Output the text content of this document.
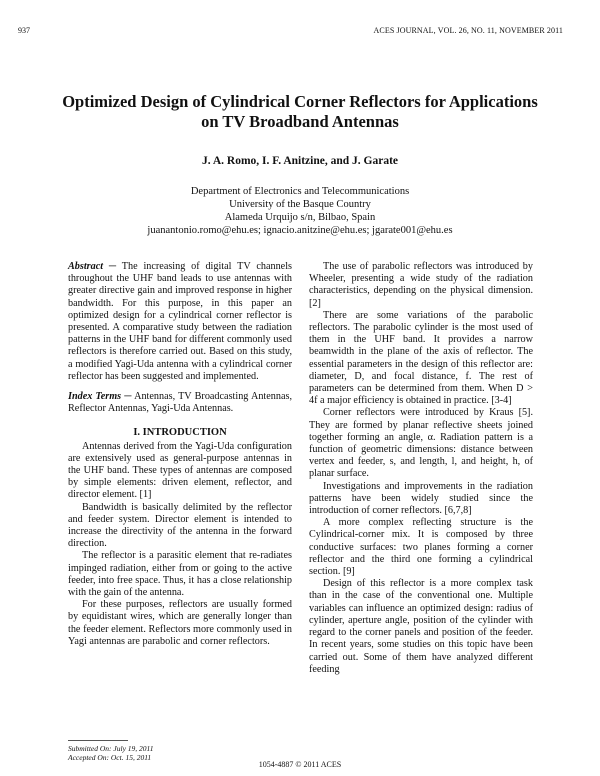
937	ACES JOURNAL, VOL. 26, NO. 11, NOVEMBER 2011
Optimized Design of Cylindrical Corner Reflectors for Applications
on TV Broadband Antennas
J. A. Romo, I. F. Anitzine, and J. Garate
Department of Electronics and Telecommunications
University of the Basque Country
Alameda Urquijo s/n, Bilbao, Spain
juanantonio.romo@ehu.es; ignacio.anitzine@ehu.es; jgarate001@ehu.es

Abstract ─ The increasing of digital TV channels throughout the UHF band leads to use antennas with greater directive gain and improved response in higher bandwidth. For this purpose, in this paper an optimized design for a cylindrical corner reflector is presented. A comparative study between the radiation patterns in the UHF band for different commonly used reflectors is therefore carried out. Based on this study, a modified Yagi-Uda antenna with a cylindrical corner reflector has been suggested and implemented.

Index Terms ─ Antennas, TV Broadcasting Antennas, Reflector Antennas, Yagi-Uda Antennas.

I. INTRODUCTION

Antennas derived from the Yagi-Uda configuration are extensively used as general-purpose antennas in the UHF band. These types of antennas are composed by simple elements: driven element, reflector, and director element. [1]

Bandwidth is basically delimited by the reflector and feeder system. Director element is intended to increase the directivity of the antenna in the forward direction.

The reflector is a parasitic element that re-radiates impinged radiation, either from or going to the active feeder, into free space. Thus, it has a close relationship with the gain of the antenna.

For these purposes, reflectors are usually formed by equidistant wires, which are generally longer than the feeder element. Reflectors more commonly used in Yagi antennas are parabolic and corner reflectors.

The use of parabolic reflectors was introduced by Wheeler, presenting a wide study of the radiation characteristics, depending on the physical dimension. [2]

There are some variations of the parabolic reflectors. The parabolic cylinder is the most used of them in the UHF band. It provides a narrow beamwidth in the plane of the axis of reflector. The essential parameters in the design of this reflector are: diameter, D, and focal distance, f. The rest of parameters can be determined from them. When D > 4f a major efficiency is obtained in practice. [3-4]

Corner reflectors were introduced by Kraus [5]. They are formed by planar reflective sheets joined together forming an angle, α. Radiation pattern is a function of geometric dimensions: distance between vertex and feeder, s, and length, l, and height, h, of planar surface.

Investigations and improvements in the radiation patterns have been widely studied since the introduction of corner reflectors. [6,7,8]

A more complex reflecting structure is the Cylindrical-corner mix. It is composed by three conductive surfaces: two planes forming a corner reflector and the third one forming a cylindrical section. [9]

Design of this reflector is a more complex task than in the case of the conventional one. Multiple variables can influence an optimized design: radius of cylinder, aperture angle, position of the cylinder with regard to the corner panels and position of the feeder. In recent years, some studies on this topic have been carried out. Some of them have analyzed different feeding

Submitted On: July 19, 2011
Accepted On: Oct. 15, 2011
1054-4887 © 2011 ACES
